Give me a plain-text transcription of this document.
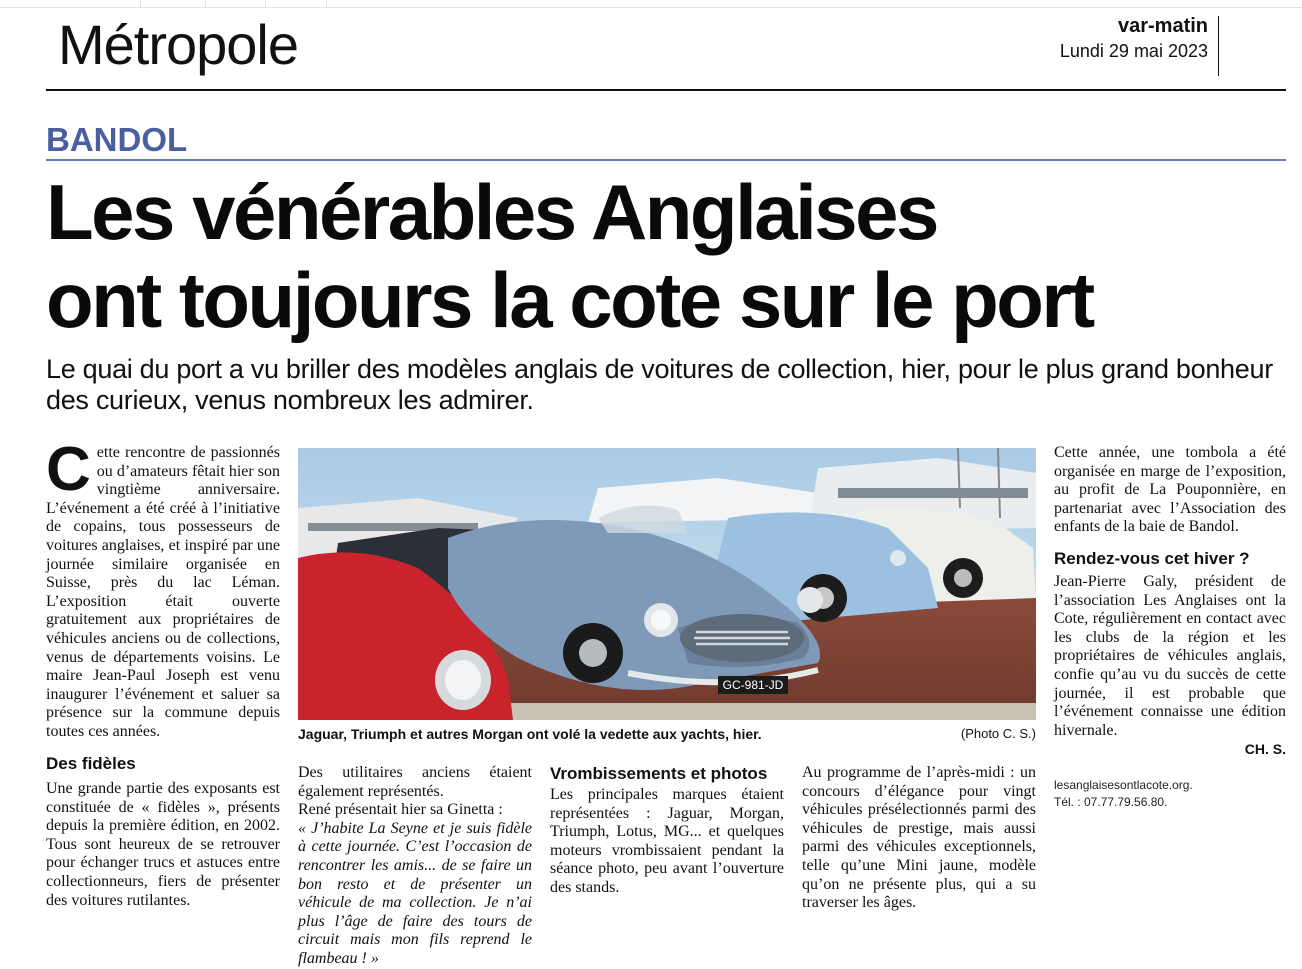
Métropole	var-matin
Lundi 29 mai 2023
BANDOL
Les vénérables Anglaises
ont toujours la cote sur le port
Le quai du port a vu briller des modèles anglais de voitures de collection, hier, pour le plus grand bonheur des curieux, venus nombreux les admirer.

Cette rencontre de passionnés ou d’amateurs fêtait hier son vingtième anniversaire. L’événement a été créé à l’initiative de copains, tous possesseurs de voitures anglaises, et inspiré par une journée similaire organisée en Suisse, près du lac Léman. L’exposition était ouverte gratuitement aux propriétaires de véhicules anciens ou de collections, venus de départements voisins. Le maire Jean-Paul Joseph est venu inaugurer l’événement et saluer sa présence sur la commune depuis toutes ces années.

Des fidèles

Une grande partie des exposants est constituée de « fidèles », présents depuis la première édition, en 2002. Tous sont heureux de se retrouver pour échanger trucs et astuces entre collectionneurs, fiers de présenter des voitures rutilantes.

Des utilitaires anciens étaient également représentés.

René présentait hier sa Ginetta :

« J’habite La Seyne et je suis fidèle à cette journée. C’est l’occasion de rencontrer les amis... de se faire un bon resto et de présenter un véhicule de ma collection. Je n’ai plus l’âge de faire des tours de circuit mais mon fils reprend le flambeau ! »

Vrombissements et photos

Les principales marques étaient représentées : Jaguar, Morgan, Triumph, Lotus, MG... et quelques moteurs vrombissaient pendant la séance photo, peu avant l’ouverture des stands.

Au programme de l’après-midi : un concours d’élégance pour vingt véhicules présélectionnés parmi des véhicules de prestige, mais aussi parmi des véhicules exceptionnels, telle qu’une Mini jaune, modèle qu’on ne présente plus, qui a su traverser les âges.

Cette année, une tombola a été organisée en marge de l’exposition, au profit de La Pouponnière, en partenariat avec l’Association des enfants de la baie de Bandol.

Rendez-vous cet hiver ?

Jean-Pierre Galy, président de l’association Les Anglaises ont la Cote, régulièrement en contact avec les clubs de la région et les propriétaires de véhicules anglais, confie qu’au vu du succès de cette journée, il est probable que l’événement connaisse une édition hivernale.

CH. S.

lesanglaisesontlacote.org.

Tél. : 07.77.79.56.80.

GC-981-JD
Jaguar, Triumph et autres Morgan ont volé la vedette aux yachts, hier.	(Photo C. S.)
